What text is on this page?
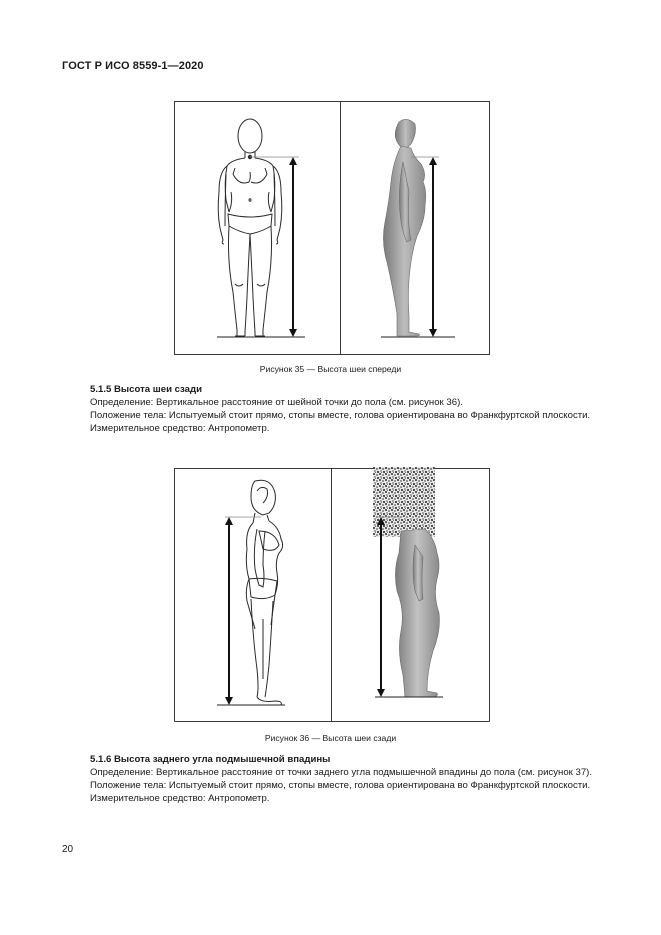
ГОСТ Р ИСО 8559-1—2020
Рисунок 35 — Высота шеи спереди
5.1.5 Высота шеи сзади

Определение: Вертикальное расстояние от шейной точки до пола (см. рисунок 36).

Положение тела: Испытуемый стоит прямо, стопы вместе, голова ориентирована во Франкфуртской плоскости.

Измерительное средство: Антропометр.

Рисунок 36 — Высота шеи сзади
5.1.6 Высота заднего угла подмышечной впадины

Определение: Вертикальное расстояние от точки заднего угла подмышечной впадины до пола (см. рисунок 37).

Положение тела: Испытуемый стоит прямо, стопы вместе, голова ориентирована во Франкфуртской плоскости.

Измерительное средство: Антропометр.

20
